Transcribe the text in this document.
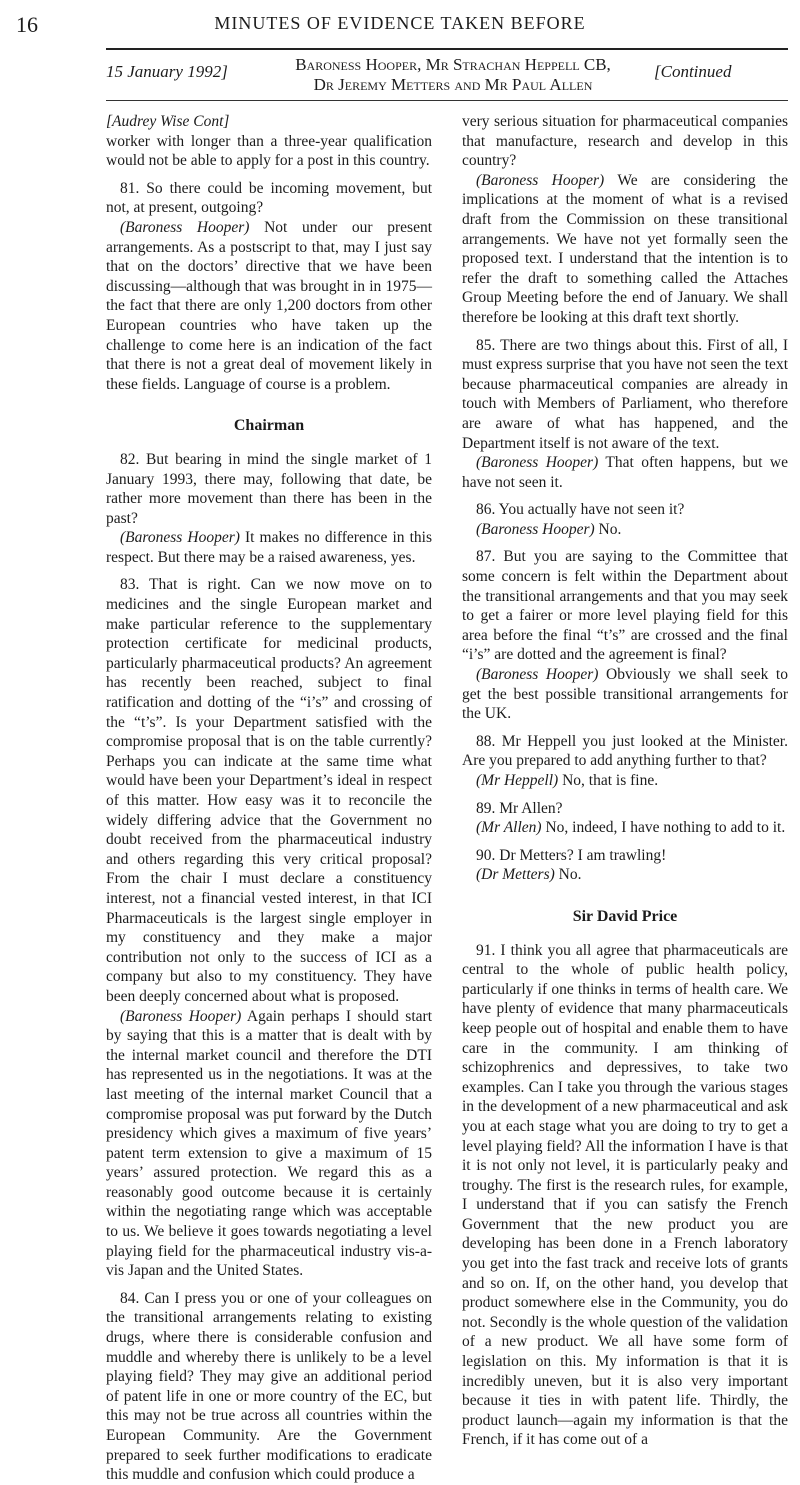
16	MINUTES OF EVIDENCE TAKEN BEFORE
15 January 1992]	Baroness Hooper, Mr Strachan Heppell CB,
Dr Jeremy Metters and Mr Paul Allen
[Continued

[Audrey Wise Cont]

worker with longer than a three-year qualification would not be able to apply for a post in this country.

81. So there could be incoming movement, but not, at present, outgoing?

(Baroness Hooper) Not under our present arrangements. As a postscript to that, may I just say that on the doctors’ directive that we have been discussing—although that was brought in in 1975—the fact that there are only 1,200 doctors from other European countries who have taken up the challenge to come here is an indication of the fact that there is not a great deal of movement likely in these fields. Language of course is a problem.

Chairman

82. But bearing in mind the single market of 1 January 1993, there may, following that date, be rather more movement than there has been in the past?

(Baroness Hooper) It makes no difference in this respect. But there may be a raised awareness, yes.

83. That is right. Can we now move on to medicines and the single European market and make particular reference to the supplementary protection certificate for medicinal products, particularly pharmaceutical products? An agreement has recently been reached, subject to final ratification and dotting of the “i’s” and crossing of the “t’s”. Is your Department satisfied with the compromise proposal that is on the table currently? Perhaps you can indicate at the same time what would have been your Department’s ideal in respect of this matter. How easy was it to reconcile the widely differing advice that the Government no doubt received from the pharmaceutical industry and others regarding this very critical proposal? From the chair I must declare a constituency interest, not a financial vested interest, in that ICI Pharmaceuticals is the largest single employer in my constituency and they make a major contribution not only to the success of ICI as a company but also to my constituency. They have been deeply concerned about what is proposed.

(Baroness Hooper) Again perhaps I should start by saying that this is a matter that is dealt with by the internal market council and therefore the DTI has represented us in the negotiations. It was at the last meeting of the internal market Council that a compromise proposal was put forward by the Dutch presidency which gives a maximum of five years’ patent term extension to give a maximum of 15 years’ assured protection. We regard this as a reasonably good outcome because it is certainly within the negotiating range which was acceptable to us. We believe it goes towards negotiating a level playing field for the pharmaceutical industry vis-a-vis Japan and the United States.

84. Can I press you or one of your colleagues on the transitional arrangements relating to existing drugs, where there is considerable confusion and muddle and whereby there is unlikely to be a level playing field? They may give an additional period of patent life in one or more country of the EC, but this may not be true across all countries within the European Community. Are the Government prepared to seek further modifications to eradicate this muddle and confusion which could produce a

very serious situation for pharmaceutical companies that manufacture, research and develop in this country?

(Baroness Hooper) We are considering the implications at the moment of what is a revised draft from the Commission on these transitional arrangements. We have not yet formally seen the proposed text. I understand that the intention is to refer the draft to something called the Attaches Group Meeting before the end of January. We shall therefore be looking at this draft text shortly.

85. There are two things about this. First of all, I must express surprise that you have not seen the text because pharmaceutical companies are already in touch with Members of Parliament, who therefore are aware of what has happened, and the Department itself is not aware of the text.

(Baroness Hooper) That often happens, but we have not seen it.

86. You actually have not seen it?

(Baroness Hooper) No.

87. But you are saying to the Committee that some concern is felt within the Department about the transitional arrangements and that you may seek to get a fairer or more level playing field for this area before the final “t’s” are crossed and the final “i’s” are dotted and the agreement is final?

(Baroness Hooper) Obviously we shall seek to get the best possible transitional arrangements for the UK.

88. Mr Heppell you just looked at the Minister. Are you prepared to add anything further to that?

(Mr Heppell) No, that is fine.

89. Mr Allen?

(Mr Allen) No, indeed, I have nothing to add to it.

90. Dr Metters? I am trawling!

(Dr Metters) No.

Sir David Price

91. I think you all agree that pharmaceuticals are central to the whole of public health policy, particularly if one thinks in terms of health care. We have plenty of evidence that many pharmaceuticals keep people out of hospital and enable them to have care in the community. I am thinking of schizophrenics and depressives, to take two examples. Can I take you through the various stages in the development of a new pharmaceutical and ask you at each stage what you are doing to try to get a level playing field? All the information I have is that it is not only not level, it is particularly peaky and troughy. The first is the research rules, for example, I understand that if you can satisfy the French Government that the new product you are developing has been done in a French laboratory you get into the fast track and receive lots of grants and so on. If, on the other hand, you develop that product somewhere else in the Community, you do not. Secondly is the whole question of the validation of a new product. We all have some form of legislation on this. My information is that it is incredibly uneven, but it is also very important because it ties in with patent life. Thirdly, the product launch—again my information is that the French, if it has come out of a
